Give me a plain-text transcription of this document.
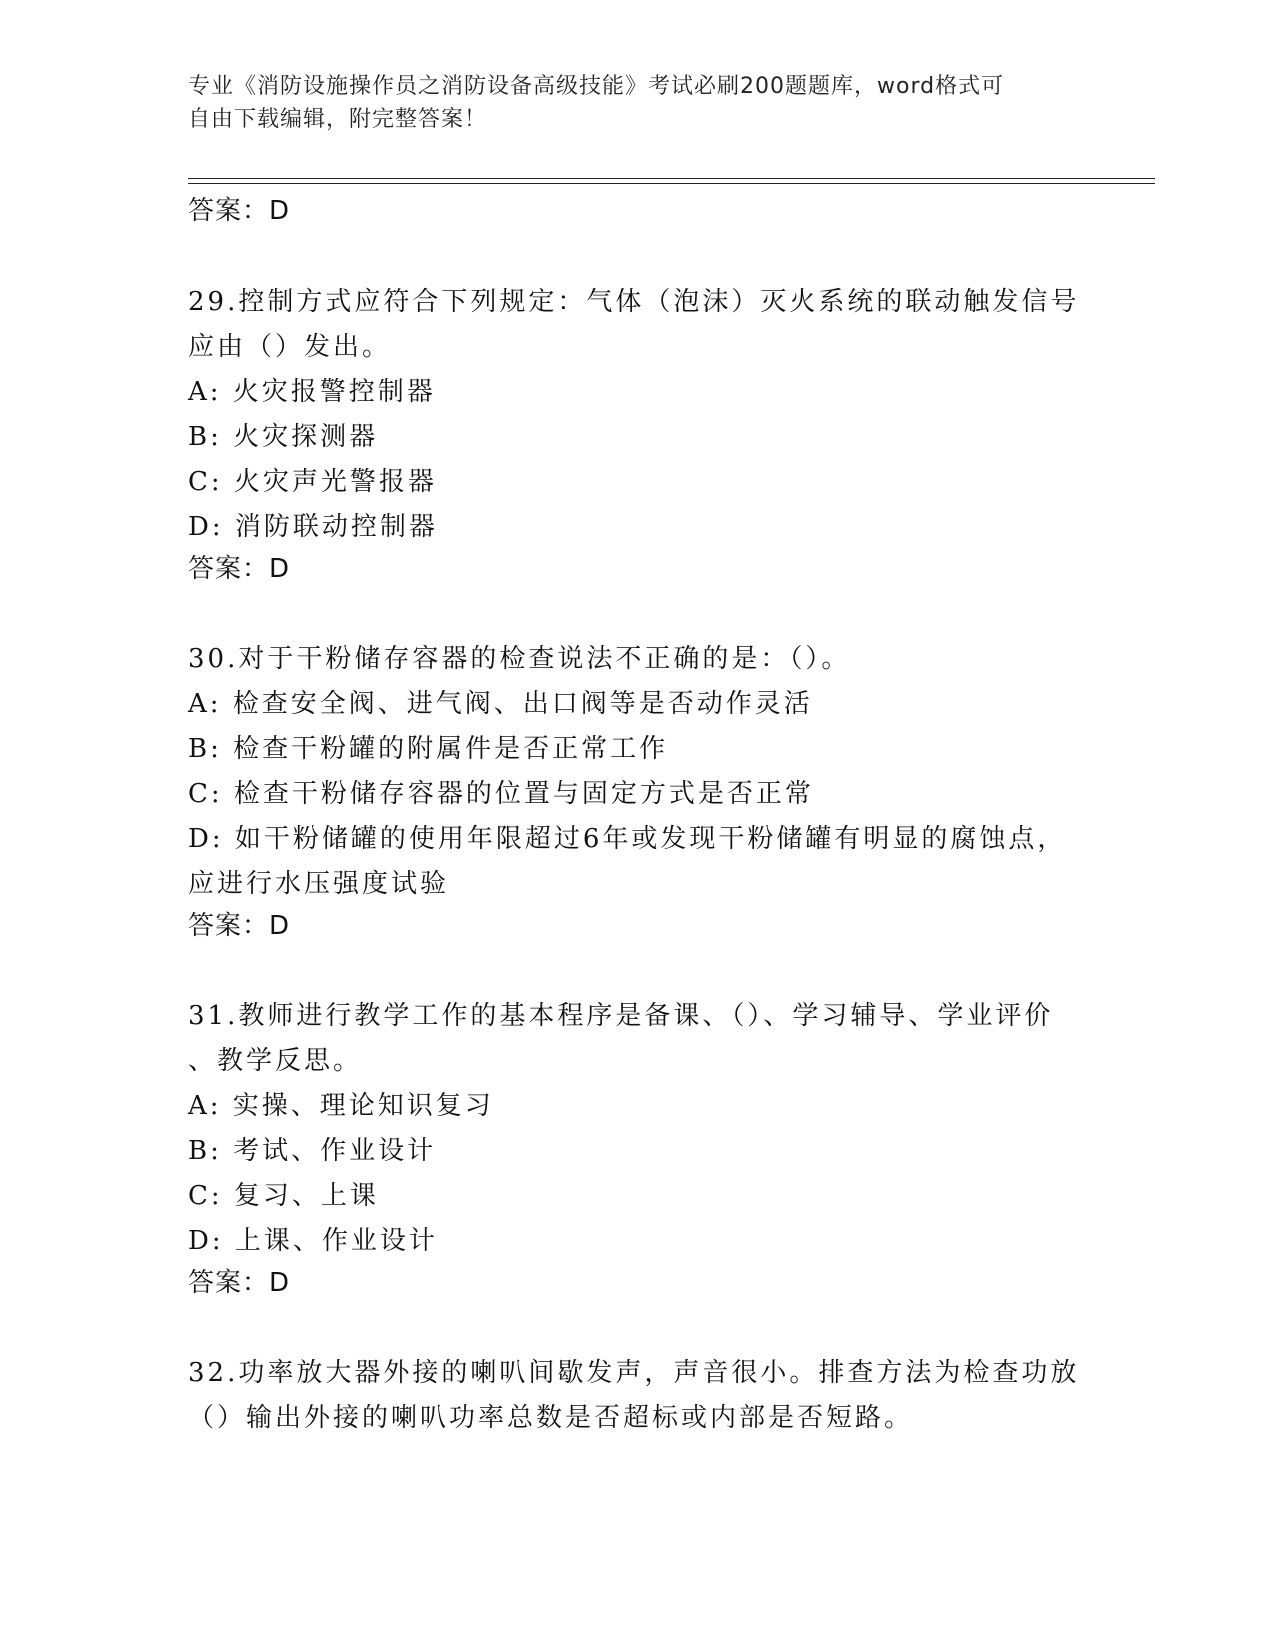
专业《消防设施操作员之消防设备高级技能》考试必刷200题题库，word格式可
自由下载编辑，附完整答案！
答案：D

29.控制方式应符合下列规定：气体（泡沫）灭火系统的联动触发信号

应由（）发出。

A: 火灾报警控制器

B: 火灾探测器

C: 火灾声光警报器

D: 消防联动控制器

答案：D

30.对于干粉储存容器的检查说法不正确的是：（）。

A: 检查安全阀、进气阀、出口阀等是否动作灵活

B: 检查干粉罐的附属件是否正常工作

C: 检查干粉储存容器的位置与固定方式是否正常

D: 如干粉储罐的使用年限超过6年或发现干粉储罐有明显的腐蚀点，

应进行水压强度试验

答案：D

31.教师进行教学工作的基本程序是备课、（）、学习辅导、学业评价

、教学反思。

A: 实操、理论知识复习

B: 考试、作业设计

C: 复习、上课

D: 上课、作业设计

答案：D

32.功率放大器外接的喇叭间歇发声，声音很小。排查方法为检查功放

（）输出外接的喇叭功率总数是否超标或内部是否短路。
